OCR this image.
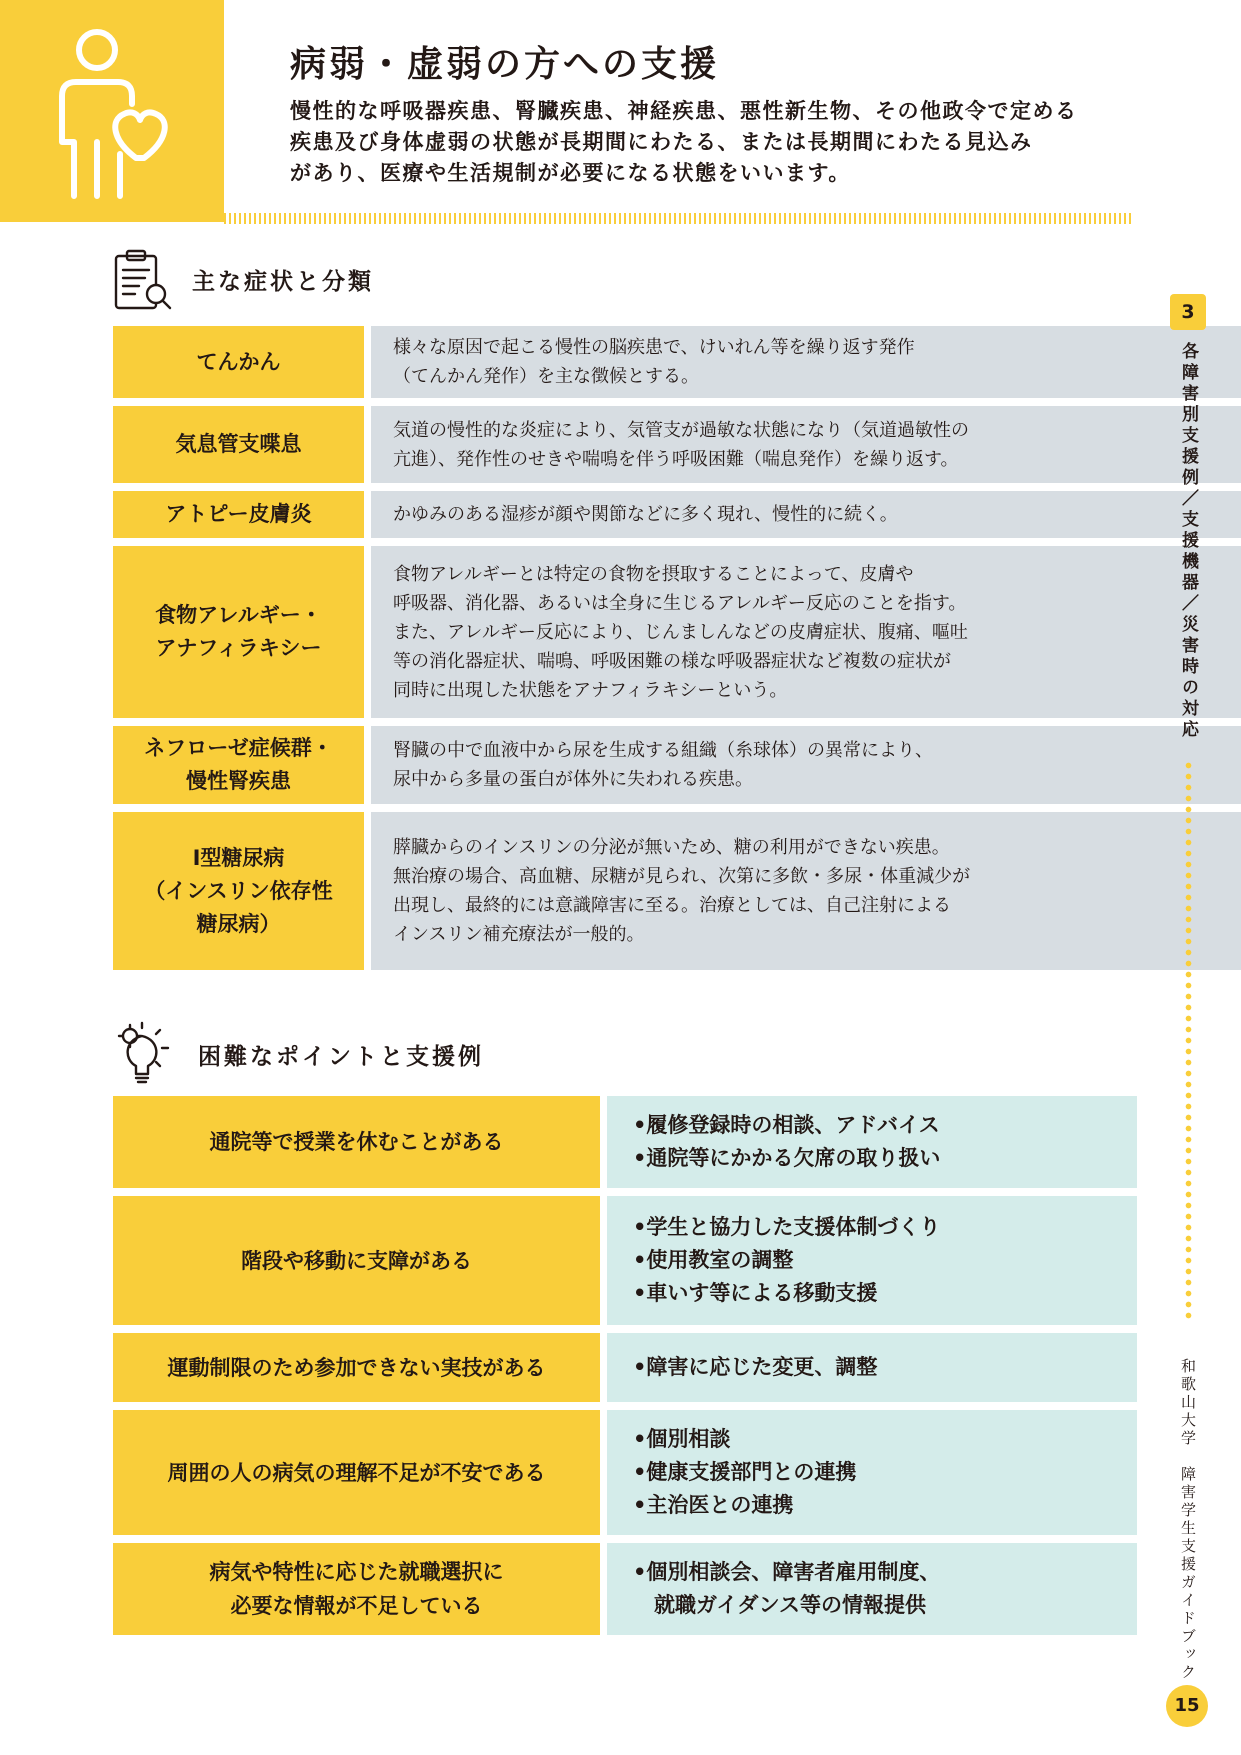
病弱・虚弱の方への支援
慢性的な呼吸器疾患、腎臓疾患、神経疾患、悪性新生物、その他政令で定める
疾患及び身体虚弱の状態が長期間にわたる、または長期間にわたる見込み
があり、医療や生活規制が必要になる状態をいいます。
主な症状と分類
てんかん	様々な原因で起こる慢性の脳疾患で、けいれん等を繰り返す発作
（てんかん発作）を主な徴候とする。

気息管支喋息	気道の慢性的な炎症により、気管支が過敏な状態になり（気道過敏性の
亢進）、発作性のせきや喘鳴を伴う呼吸困難（喘息発作）を繰り返す。

アトピー皮膚炎	かゆみのある湿疹が顔や関節などに多く現れ、慢性的に続く。

食物アレルギー・
アナフィラキシー	食物アレルギーとは特定の食物を摂取することによって、皮膚や
呼吸器、消化器、あるいは全身に生じるアレルギー反応のことを指す。
また、アレルギー反応により、じんましんなどの皮膚症状、腹痛、嘔吐
等の消化器症状、喘鳴、呼吸困難の様な呼吸器症状など複数の症状が
同時に出現した状態をアナフィラキシーという。

ネフローゼ症候群・
慢性腎疾患	腎臓の中で血液中から尿を生成する組織（糸球体）の異常により、
尿中から多量の蛋白が体外に失われる疾患。

Ⅰ型糖尿病
（インスリン依存性
糖尿病）	膵臓からのインスリンの分泌が無いため、糖の利用ができない疾患。
無治療の場合、高血糖、尿糖が見られ、次第に多飲・多尿・体重減少が
出現し、最終的には意識障害に至る。治療としては、自己注射による
インスリン補充療法が一般的。
困難なポイントと支援例
通院等で授業を休むことがある	•履修登録時の相談、アドバイス
•通院等にかかる欠席の取り扱い

階段や移動に支障がある	•学生と協力した支援体制づくり
•使用教室の調整
•車いす等による移動支援

運動制限のため参加できない実技がある	•障害に応じた変更、調整

周囲の人の病気の理解不足が不安である	•個別相談
•健康支援部門との連携
•主治医との連携

病気や特性に応じた就職選択に
必要な情報が不足している	•個別相談会、障害者雇用制度、
　就職ガイダンス等の情報提供
3
各障害別支援例／支援機器／災害時の対応
和歌山大学　障害学生支援ガイドブック
15
